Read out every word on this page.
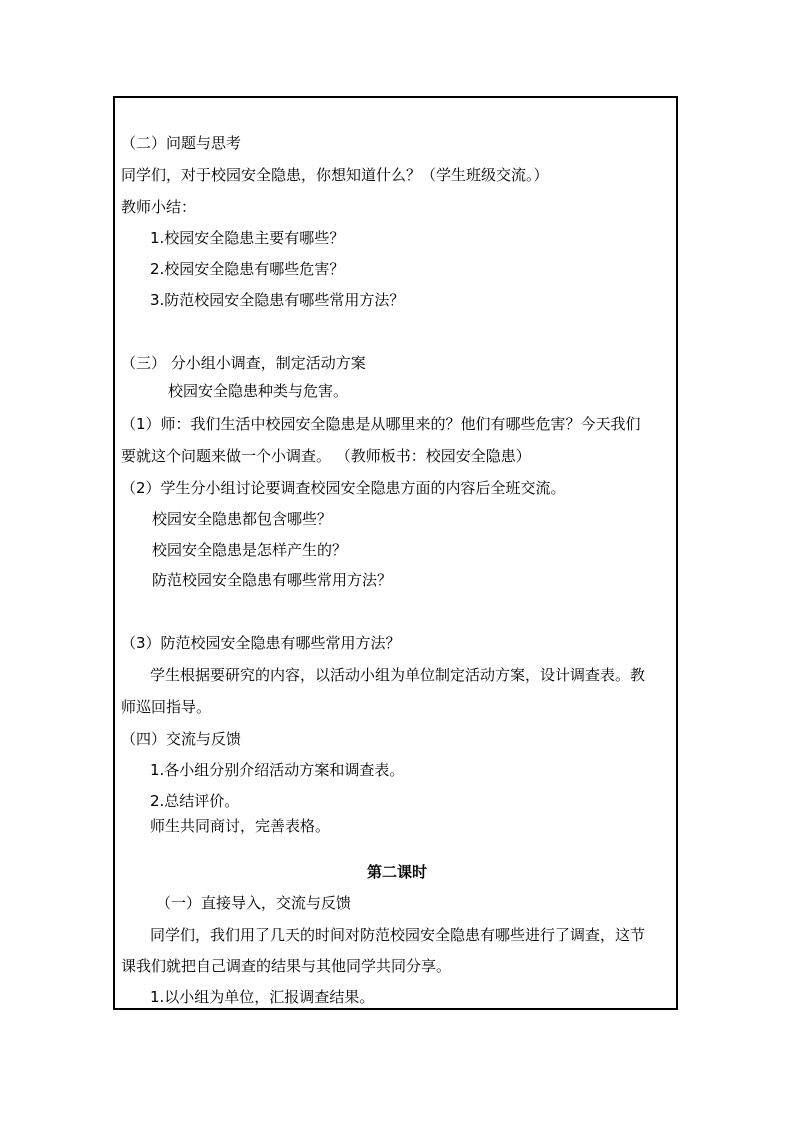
（二）问题与思考
同学们，对于校园安全隐患，你想知道什么？（学生班级交流。）
教师小结：
1.校园安全隐患主要有哪些？
2.校园安全隐患有哪些危害？
3.防范校园安全隐患有哪些常用方法？
（三） 分小组小调查，制定活动方案
校园安全隐患种类与危害。
（1）师：我们生活中校园安全隐患是从哪里来的？他们有哪些危害？今天我们
要就这个问题来做一个小调查。 （教师板书：校园安全隐患）
（2）学生分小组讨论要调查校园安全隐患方面的内容后全班交流。
校园安全隐患都包含哪些？
校园安全隐患是怎样产生的？
防范校园安全隐患有哪些常用方法？
（3）防范校园安全隐患有哪些常用方法？
学生根据要研究的内容，以活动小组为单位制定活动方案，设计调查表。教
师巡回指导。
（四）交流与反馈
1.各小组分别介绍活动方案和调查表。
2.总结评价。
师生共同商讨，完善表格。
第二课时
（一）直接导入，交流与反馈
同学们，我们用了几天的时间对防范校园安全隐患有哪些进行了调查，这节
课我们就把自己调查的结果与其他同学共同分享。
1.以小组为单位，汇报调查结果。
